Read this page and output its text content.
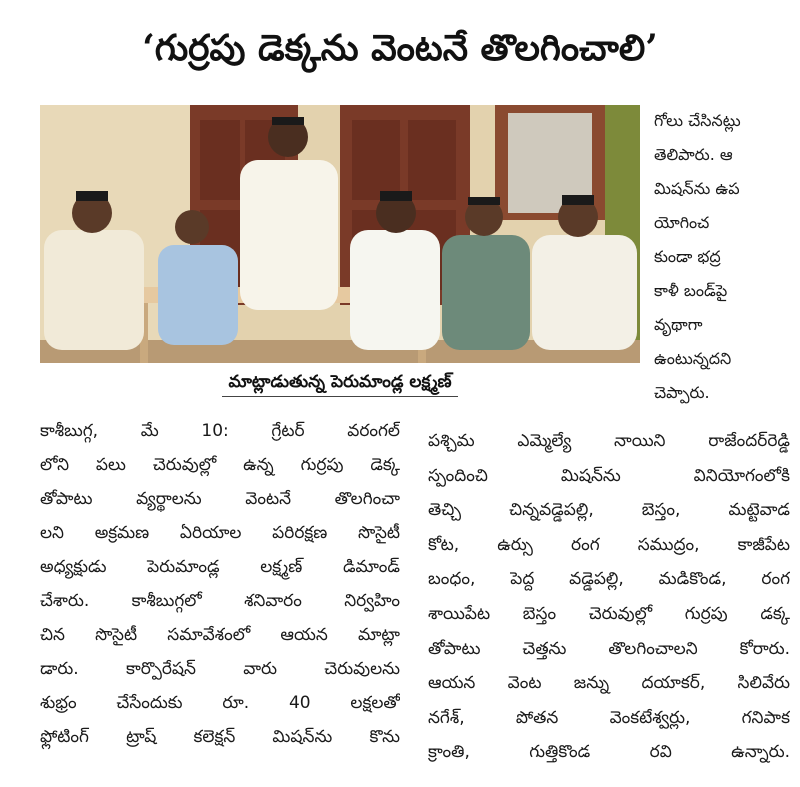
‘గుర్రపు డెక్కను వెంటనే తొలగించాలి’
మాట్లాడుతున్న పెరుమాండ్ల లక్ష్మణ్
గోలు చేసినట్లు
తెలిపారు. ఆ
మిషన్‌ను ఉప
యోగించ
కుండా భద్ర
కాళీ బండ్‌పై
వృథాగా
ఉంటున్నదని
చెప్పారు.
కాశీబుగ్గ, మే 10: గ్రేటర్ వరంగల్
లోని పలు చెరువుల్లో ఉన్న గుర్రపు డెక్క
తోపాటు వ్యర్థాలను వెంటనే తొలగించా
లని అక్రమణ ఏరియాల పరిరక్షణ సొసైటీ
అధ్యక్షుడు పెరుమాండ్ల లక్ష్మణ్ డిమాండ్
చేశారు. కాశీబుగ్గలో శనివారం నిర్వహిం
చిన సొసైటీ సమావేశంలో ఆయన మాట్లా
డారు. కార్పొరేషన్ వారు చెరువులను
శుభ్రం చేసేందుకు రూ. 40 లక్షలతో
ఫ్లోటింగ్ ట్రాష్ కలెక్షన్ మిషన్‌ను కొను
పశ్చిమ ఎమ్మెల్యే నాయిని రాజేందర్‌రెడ్డి
స్పందించి మిషన్‌ను వినియోగంలోకి
తెచ్చి చిన్నవడ్డెపల్లి, బెస్తం, మట్టెవాడ
కోట, ఉర్సు రంగ సముద్రం, కాజీపేట
బంధం, పెద్ద వడ్డెపల్లి, మడికొండ, రంగ
శాయిపేట బెస్తం చెరువుల్లో గుర్రపు డక్క
తోపాటు చెత్తను తొలగించాలని కోరారు.
ఆయన వెంట జన్ను దయాకర్, సిలివేరు
నగేశ్, పోతన వెంకటేశ్వర్లు, గనిపాక
క్రాంతి, గుత్తికొండ రవి ఉన్నారు.
